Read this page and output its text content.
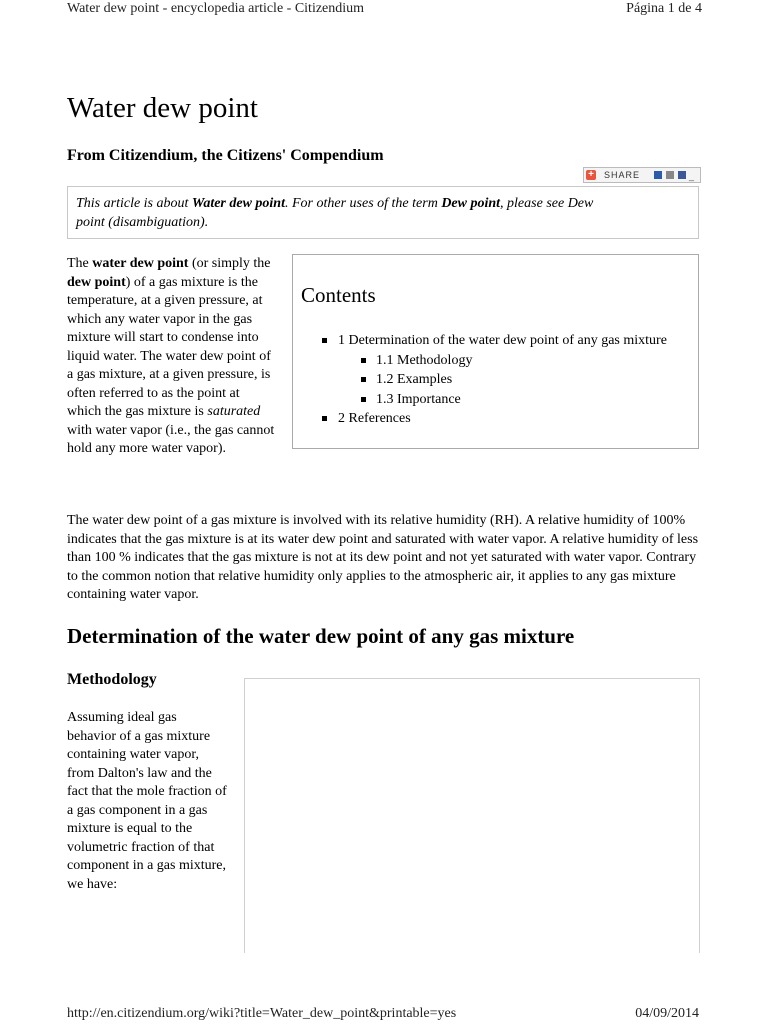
Water dew point - encyclopedia article - Citizendium	Página 1 de 4
Water dew point
From Citizendium, the Citizens' Compendium
+ SHARE	_
This article is about Water dew point. For other uses of the term Dew point, please see Dew point (disambiguation).
The water dew point (or simply the dew point) of a gas mixture is the temperature, at a given pressure, at which any water vapor in the gas mixture will start to condense into liquid water. The water dew point of a gas mixture, at a given pressure, is often referred to as the point at which the gas mixture is saturated with water vapor (i.e., the gas cannot hold any more water vapor).
Contents
1 Determination of the water dew point of any gas mixture
1.1 Methodology
1.2 Examples
1.3 Importance
2 References
The water dew point of a gas mixture is involved with its relative humidity (RH). A relative humidity of 100% indicates that the gas mixture is at its water dew point and saturated with water vapor. A relative humidity of less than 100 % indicates that the gas mixture is not at its dew point and not yet saturated with water vapor. Contrary to the common notion that relative humidity only applies to the atmospheric air, it applies to any gas mixture containing water vapor.
Determination of the water dew point of any gas mixture
Methodology
Assuming ideal gas behavior of a gas mixture containing water vapor, from Dalton's law and the fact that the mole fraction of a gas component in a gas mixture is equal to the volumetric fraction of that component in a gas mixture, we have:
http://en.citizendium.org/wiki?title=Water_dew_point&printable=yes	04/09/2014
